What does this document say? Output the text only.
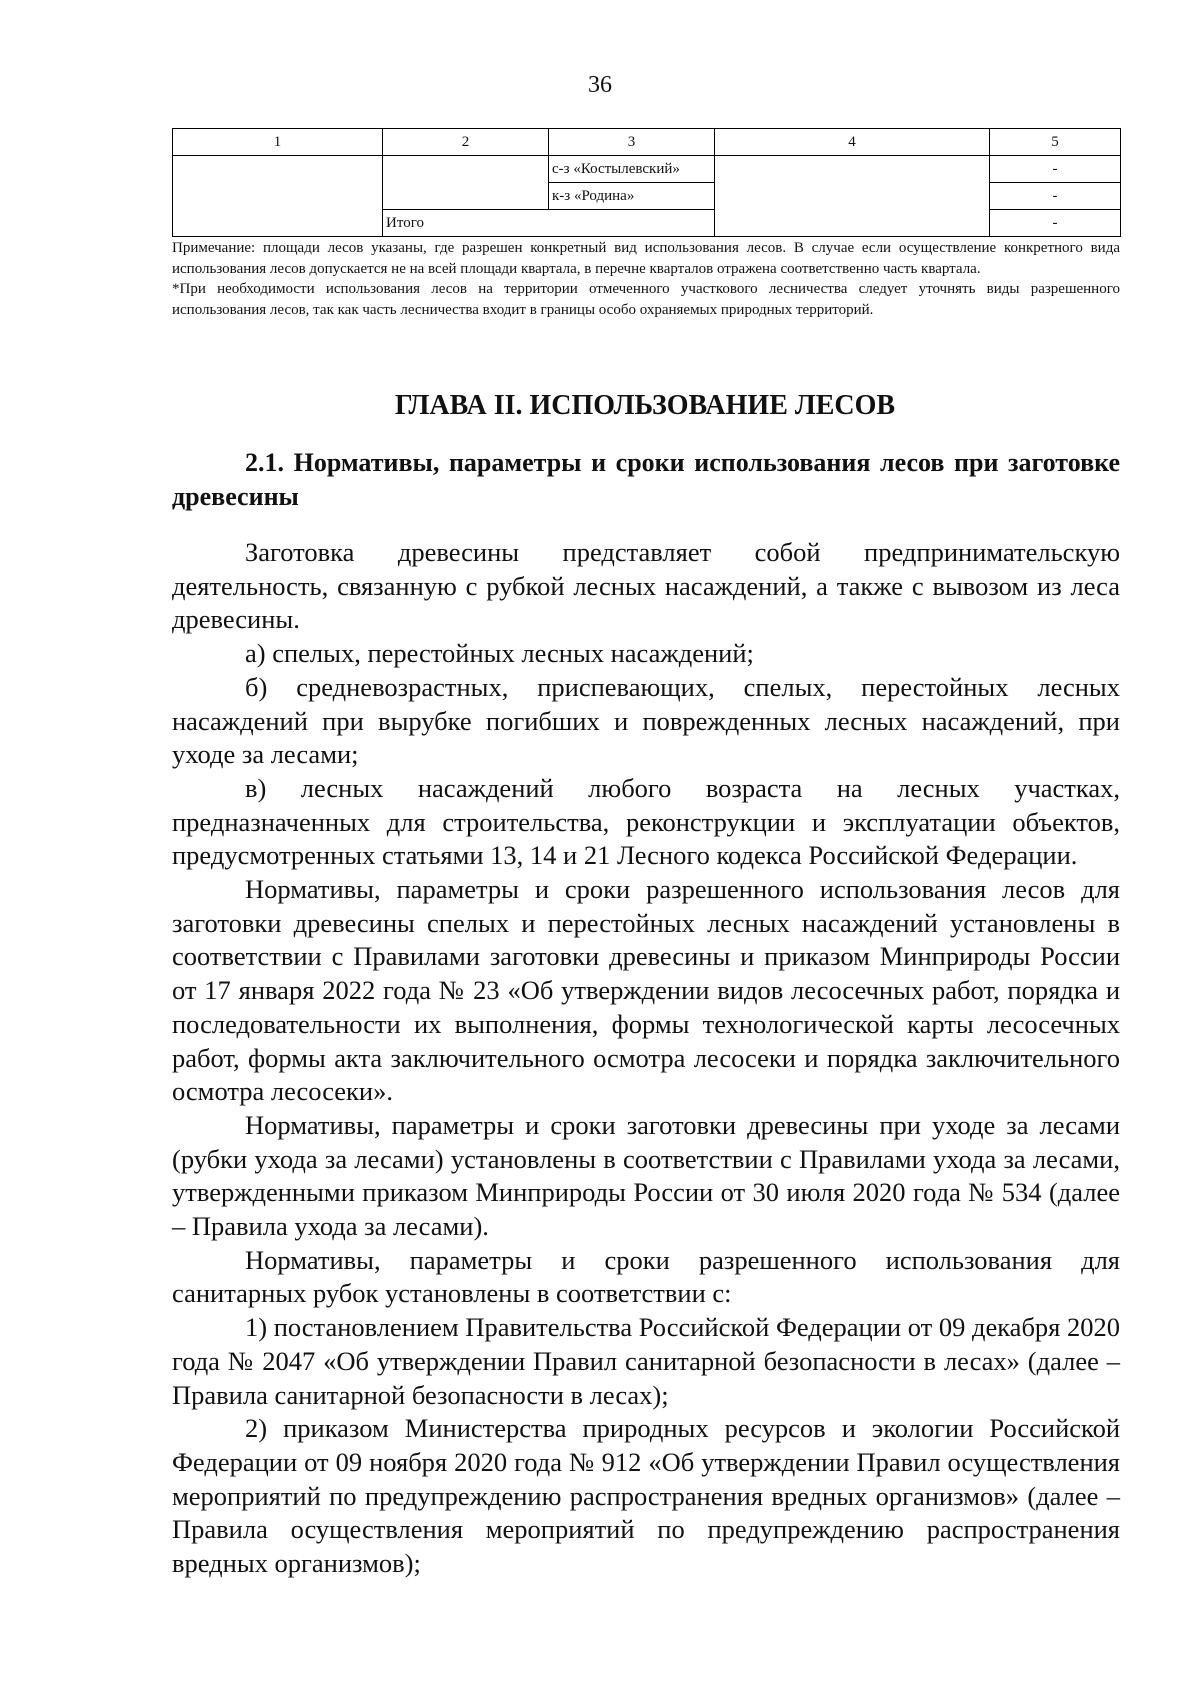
36
1	2	3	4	5
		с-з «Костылевский»		-
		к-з «Родина»		-
	Итого			-

Примечание: площади лесов указаны, где разрешен конкретный вид использования лесов. В случае если осуществление конкретного вида использования лесов допускается не на всей площади квартала, в перечне кварталов отражена соответственно часть квартала.

*При необходимости использования лесов на территории отмеченного участкового лесничества следует уточнять виды разрешенного использования лесов, так как часть лесничества входит в границы особо охраняемых природных территорий.

ГЛАВА II. ИСПОЛЬЗОВАНИЕ ЛЕСОВ
2.1. Нормативы, параметры и сроки использования лесов при заготовке древесины

Заготовка древесины представляет собой предпринимательскую деятельность, связанную с рубкой лесных насаждений, а также с вывозом из леса древесины.

а) спелых, перестойных лесных насаждений;

б) средневозрастных, приспевающих, спелых, перестойных лесных насаждений при вырубке погибших и поврежденных лесных насаждений, при уходе за лесами;

в) лесных насаждений любого возраста на лесных участках, предназначенных для строительства, реконструкции и эксплуатации объектов, предусмотренных статьями 13, 14 и 21 Лесного кодекса Российской Федерации.

Нормативы, параметры и сроки разрешенного использования лесов для заготовки древесины спелых и перестойных лесных насаждений установлены в соответствии с Правилами заготовки древесины и приказом Минприроды России от 17 января 2022 года № 23 «Об утверждении видов лесосечных работ, порядка и последовательности их выполнения, формы технологической карты лесосечных работ, формы акта заключительного осмотра лесосеки и порядка заключительного осмотра лесосеки».

Нормативы, параметры и сроки заготовки древесины при уходе за лесами (рубки ухода за лесами) установлены в соответствии с Правилами ухода за лесами, утвержденными приказом Минприроды России от 30 июля 2020 года № 534 (далее – Правила ухода за лесами).

Нормативы, параметры и сроки разрешенного использования для санитарных рубок установлены в соответствии с:

1) постановлением Правительства Российской Федерации от 09 декабря 2020 года № 2047 «Об утверждении Правил санитарной безопасности в лесах» (далее – Правила санитарной безопасности в лесах);

2) приказом Министерства природных ресурсов и экологии Российской Федерации от 09 ноября 2020 года № 912 «Об утверждении Правил осуществления мероприятий по предупреждению распространения вредных организмов» (далее – Правила осуществления мероприятий по предупреждению распространения вредных организмов);
